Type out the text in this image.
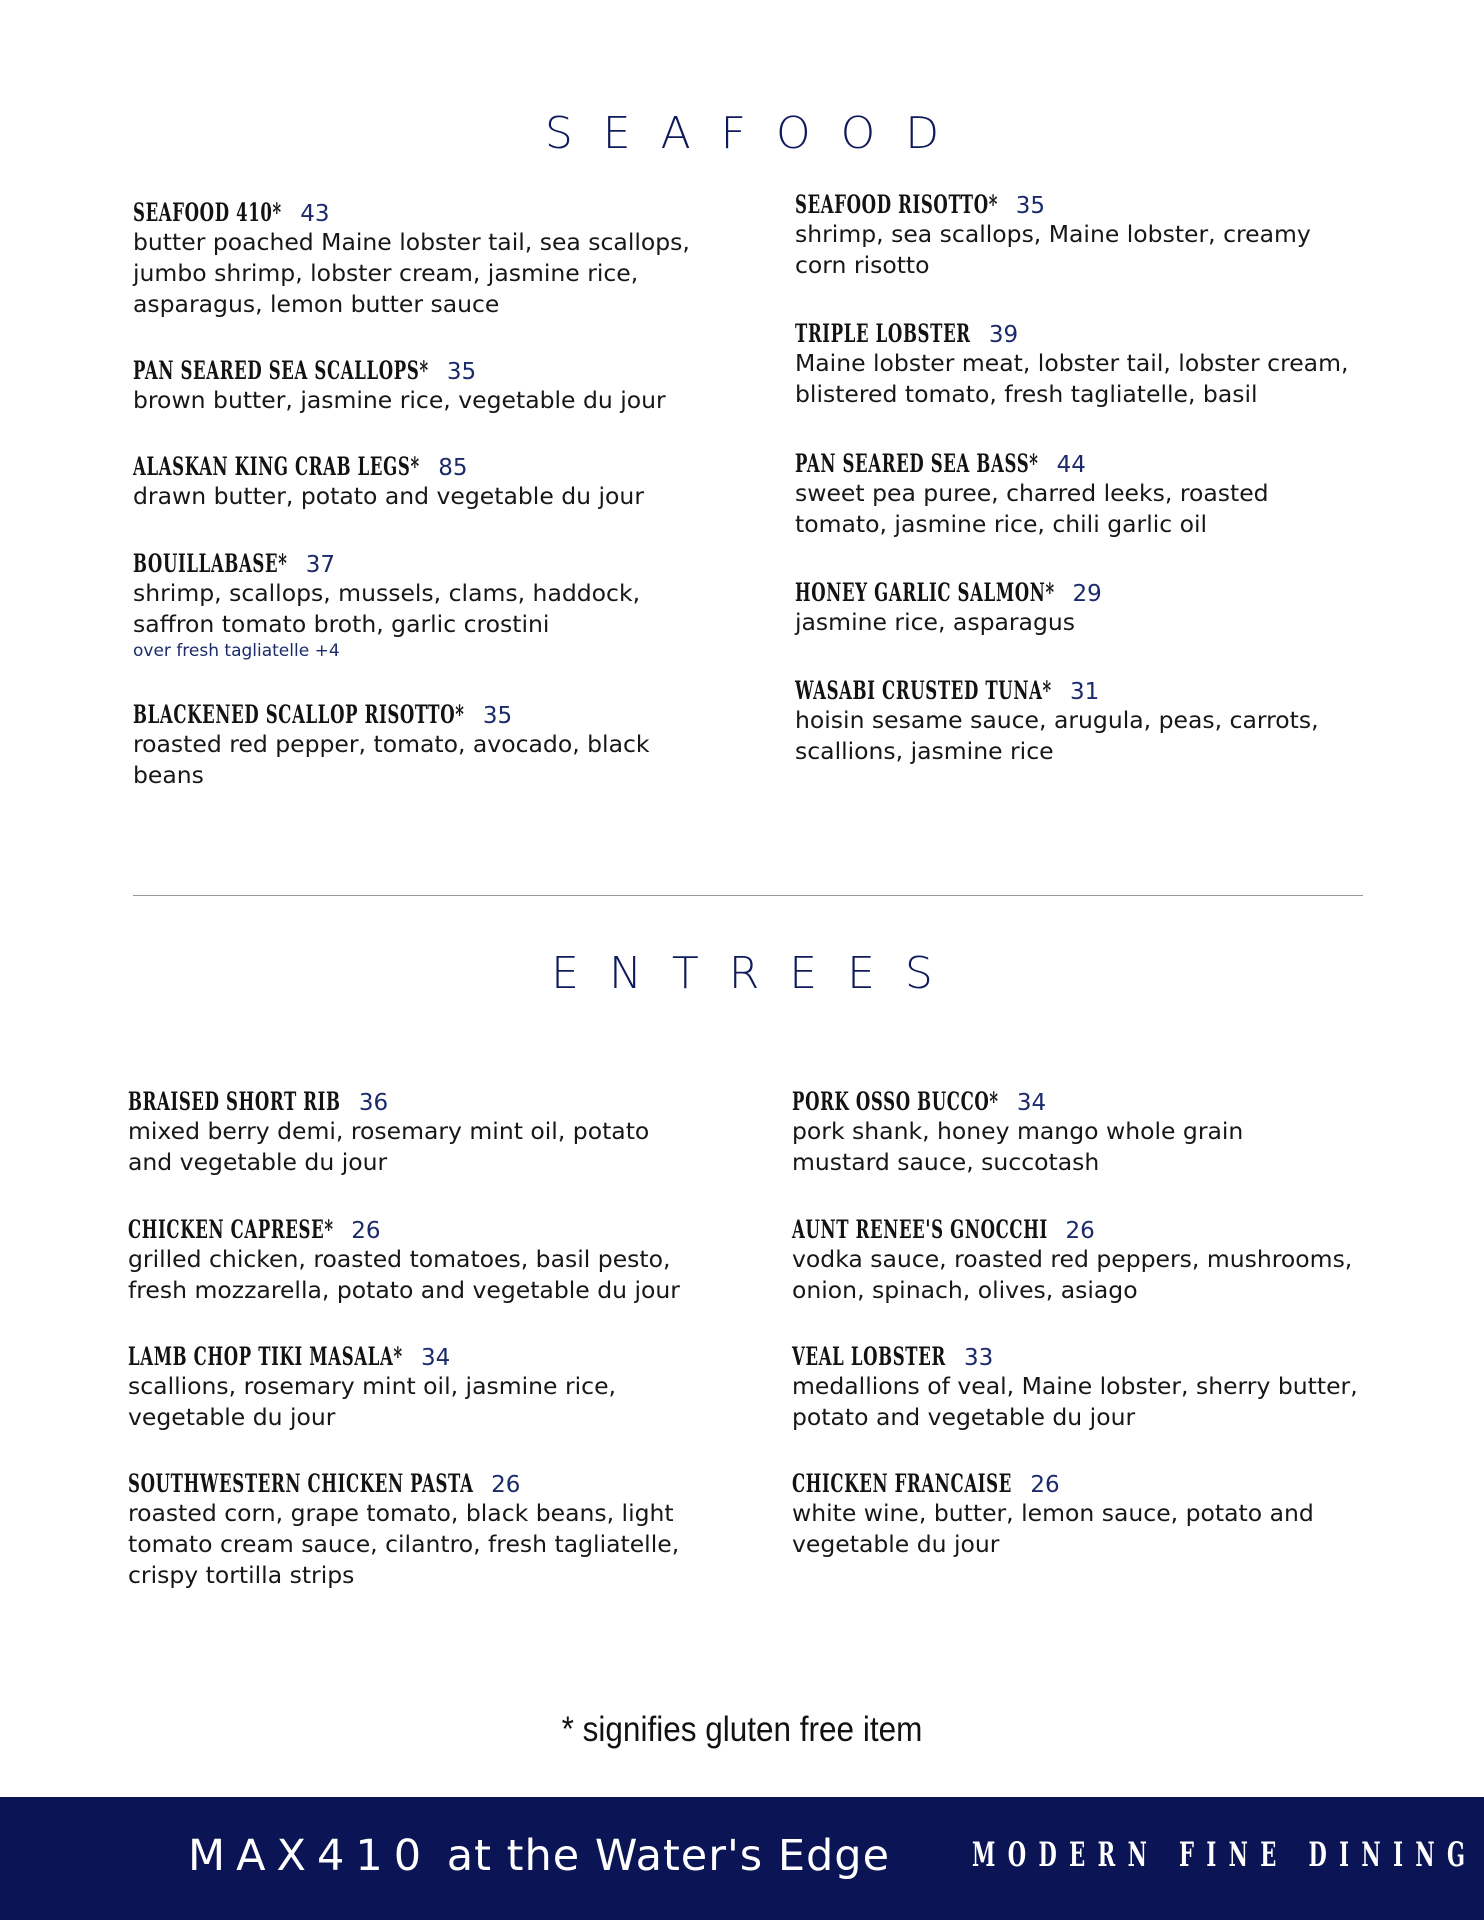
SEAFOOD
SEAFOOD 410* 43

butter poached Maine lobster tail, sea scallops, jumbo shrimp, lobster cream, jasmine rice, asparagus, lemon butter sauce

PAN SEARED SEA SCALLOPS* 35

brown butter, jasmine rice, vegetable du jour

ALASKAN KING CRAB LEGS* 85

drawn butter, potato and vegetable du jour

BOUILLABASE* 37

shrimp, scallops, mussels, clams, haddock, saffron tomato broth, garlic crostini

over fresh tagliatelle +4

BLACKENED SCALLOP RISOTTO* 35

roasted red pepper, tomato, avocado, black beans

SEAFOOD RISOTTO* 35

shrimp, sea scallops, Maine lobster, creamy corn risotto

TRIPLE LOBSTER 39

Maine lobster meat, lobster tail, lobster cream, blistered tomato, fresh tagliatelle, basil

PAN SEARED SEA BASS* 44

sweet pea puree, charred leeks, roasted tomato, jasmine rice, chili garlic oil

HONEY GARLIC SALMON* 29

jasmine rice, asparagus

WASABI CRUSTED TUNA* 31

hoisin sesame sauce, arugula, peas, carrots, scallions, jasmine rice

ENTREES
BRAISED SHORT RIB 36

mixed berry demi, rosemary mint oil, potato and vegetable du jour

CHICKEN CAPRESE* 26

grilled chicken, roasted tomatoes, basil pesto, fresh mozzarella, potato and vegetable du jour

LAMB CHOP TIKI MASALA* 34

scallions, rosemary mint oil, jasmine rice, vegetable du jour

SOUTHWESTERN CHICKEN PASTA 26

roasted corn, grape tomato, black beans, light tomato cream sauce, cilantro, fresh tagliatelle, crispy tortilla strips

PORK OSSO BUCCO* 34

pork shank, honey mango whole grain mustard sauce, succotash

AUNT RENEE'S GNOCCHI 26

vodka sauce, roasted red peppers, mushrooms, onion, spinach, olives, asiago

VEAL LOBSTER 33

medallions of veal, Maine lobster, sherry butter, potato and vegetable du jour

CHICKEN FRANCAISE 26

white wine, butter, lemon sauce, potato and vegetable du jour

* signifies gluten free item
MAX410 at the Water's Edge MODERN FINE DINING
